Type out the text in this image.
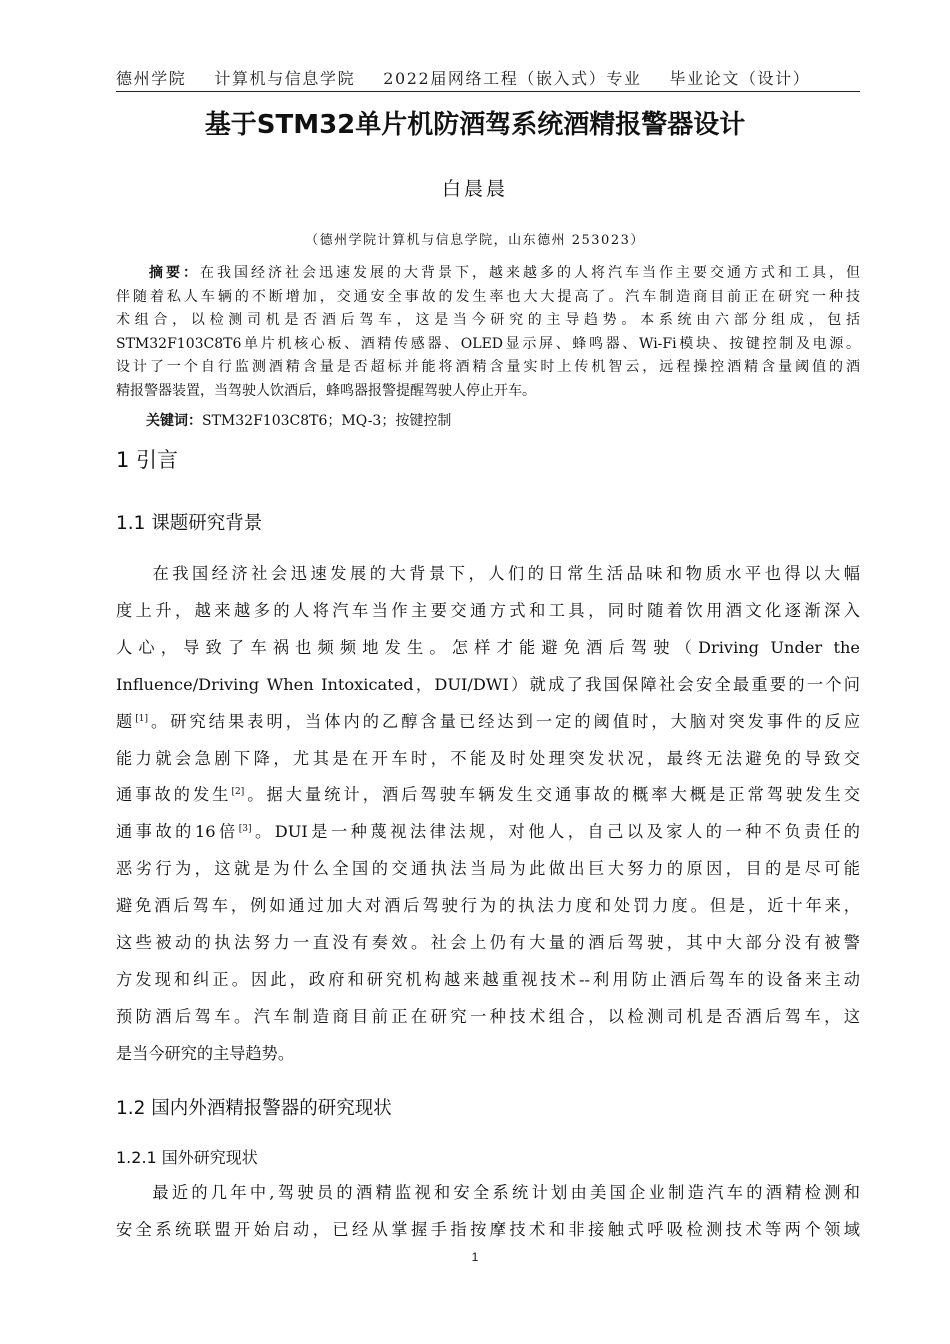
德州学院 计算机与信息学院 2022届网络工程（嵌入式）专业 毕业论文（设计）
基于STM32单片机防酒驾系统酒精报警器设计
白晨晨
（德州学院计算机与信息学院，山东德州 253023）
摘要：在我国经济社会迅速发展的大背景下，越来越多的人将汽车当作主要交通方式和工具，但
伴随着私人车辆的不断增加，交通安全事故的发生率也大大提高了。汽车制造商目前正在研究一种技
术组合，以检测司机是否酒后驾车，这是当今研究的主导趋势。本系统由六部分组成，包括
STM32F103C8T6单片机核心板、酒精传感器、OLED显示屏、蜂鸣器、Wi-Fi模块、按键控制及电源。
设计了一个自行监测酒精含量是否超标并能将酒精含量实时上传机智云，远程操控酒精含量阈值的酒
精报警器装置，当驾驶人饮酒后，蜂鸣器报警提醒驾驶人停止开车。
关键词：STM32F103C8T6；MQ-3；按键控制
1 引言
1.1 课题研究背景
在我国经济社会迅速发展的大背景下，人们的日常生活品味和物质水平也得以大幅
度上升，越来越多的人将汽车当作主要交通方式和工具，同时随着饮用酒文化逐渐深入
人心，导致了车祸也频频地发生。怎样才能避免酒后驾驶（Driving Under the
Influence/Driving When Intoxicated，DUI/DWI）就成了我国保障社会安全最重要的一个问
题[1]。研究结果表明，当体内的乙醇含量已经达到一定的阈值时，大脑对突发事件的反应
能力就会急剧下降，尤其是在开车时，不能及时处理突发状况，最终无法避免的导致交
通事故的发生[2]。据大量统计，酒后驾驶车辆发生交通事故的概率大概是正常驾驶发生交
通事故的16倍[3]。DUI是一种蔑视法律法规，对他人，自己以及家人的一种不负责任的
恶劣行为，这就是为什么全国的交通执法当局为此做出巨大努力的原因，目的是尽可能
避免酒后驾车，例如通过加大对酒后驾驶行为的执法力度和处罚力度。但是，近十年来，
这些被动的执法努力一直没有奏效。社会上仍有大量的酒后驾驶，其中大部分没有被警
方发现和纠正。因此，政府和研究机构越来越重视技术--利用防止酒后驾车的设备来主动
预防酒后驾车。汽车制造商目前正在研究一种技术组合，以检测司机是否酒后驾车，这
是当今研究的主导趋势。
1.2 国内外酒精报警器的研究现状
1.2.1 国外研究现状
最近的几年中,驾驶员的酒精监视和安全系统计划由美国企业制造汽车的酒精检测和
安全系统联盟开始启动，已经从掌握手指按摩技术和非接触式呼吸检测技术等两个领域
1
